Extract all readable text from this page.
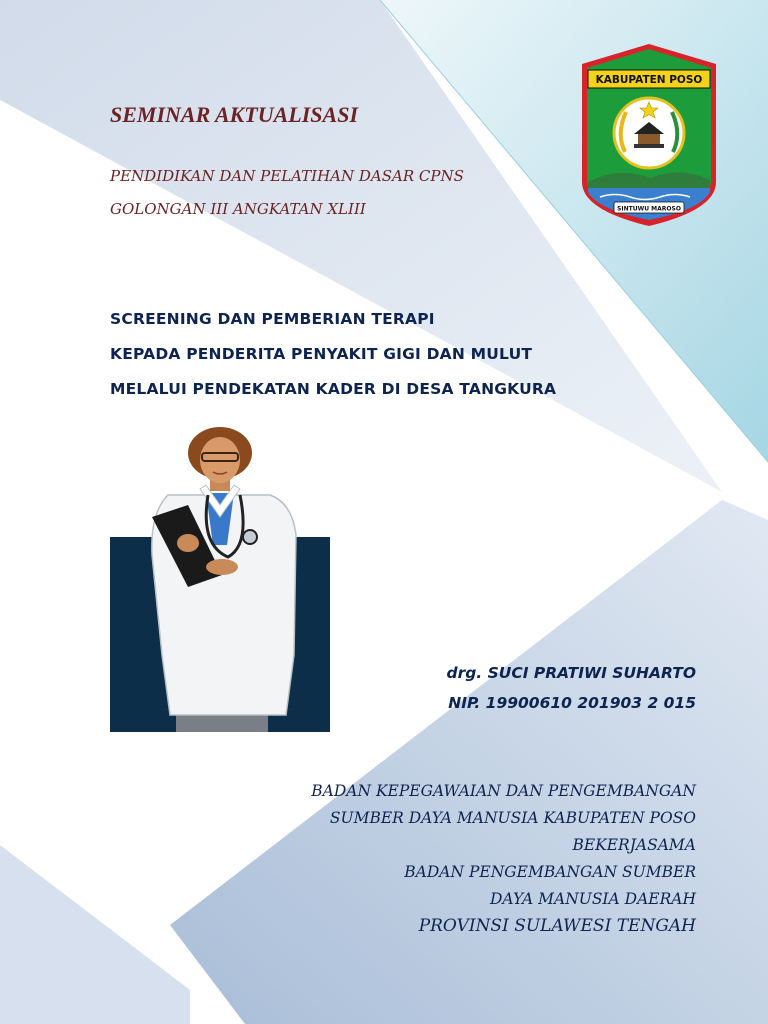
SEMINAR AKTUALISASI
PENDIDIKAN DAN PELATIHAN DASAR CPNS
GOLONGAN III ANGKATAN XLIII
KABUPATEN POSO
SINTUWU MAROSO
SCREENING DAN PEMBERIAN TERAPI
KEPADA PENDERITA PENYAKIT GIGI DAN MULUT
MELALUI PENDEKATAN KADER DI DESA TANGKURA
drg. SUCI PRATIWI SUHARTO
NIP. 19900610 201903 2 015
BADAN KEPEGAWAIAN DAN PENGEMBANGAN
SUMBER DAYA MANUSIA KABUPATEN POSO
BEKERJASAMA
BADAN PENGEMBANGAN SUMBER
DAYA MANUSIA DAERAH
PROVINSI SULAWESI TENGAH
